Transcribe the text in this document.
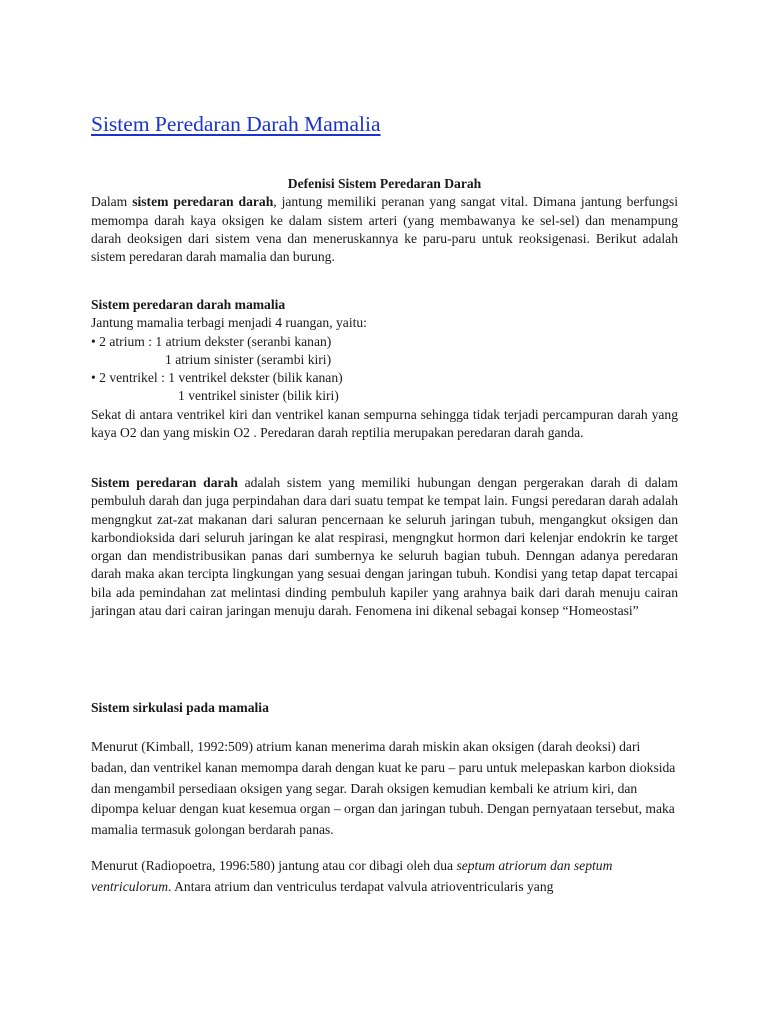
Sistem Peredaran Darah Mamalia
Defenisi Sistem Peredaran Darah

Dalam sistem peredaran darah, jantung memiliki peranan yang sangat vital. Dimana jantung berfungsi memompa darah kaya oksigen ke dalam sistem arteri (yang membawanya ke sel-sel) dan menampung darah deoksigen dari sistem vena dan meneruskannya ke paru-paru untuk reoksigenasi. Berikut adalah sistem peredaran darah mamalia dan burung.

Sistem peredaran darah mamalia
Jantung mamalia terbagi menjadi 4 ruangan, yaitu:
• 2 atrium : 1 atrium dekster (seranbi kanan)
1 atrium sinister (serambi kiri)
• 2 ventrikel : 1 ventrikel dekster (bilik kanan)
1 ventrikel sinister (bilik kiri)

Sekat di antara ventrikel kiri dan ventrikel kanan sempurna sehingga tidak terjadi percampuran darah yang kaya O2 dan yang miskin O2 . Peredaran darah reptilia merupakan peredaran darah ganda.

Sistem peredaran darah adalah sistem yang memiliki hubungan dengan pergerakan darah di dalam pembuluh darah dan juga perpindahan dara dari suatu tempat ke tempat lain. Fungsi peredaran darah adalah mengngkut zat-zat makanan dari saluran pencernaan ke seluruh jaringan tubuh, mengangkut oksigen dan karbondioksida dari seluruh jaringan ke alat respirasi, mengngkut hormon dari kelenjar endokrin ke target organ dan mendistribusikan panas dari sumbernya ke seluruh bagian tubuh. Denngan adanya peredaran darah maka akan tercipta lingkungan yang sesuai dengan jaringan tubuh. Kondisi yang tetap dapat tercapai bila ada pemindahan zat melintasi dinding pembuluh kapiler yang arahnya baik dari darah menuju cairan jaringan atau dari cairan jaringan menuju darah. Fenomena ini dikenal sebagai konsep “Homeostasi”

Sistem sirkulasi pada mamalia

Menurut (Kimball, 1992:509) atrium kanan menerima darah miskin akan oksigen (darah deoksi) dari badan, dan ventrikel kanan memompa darah dengan kuat ke paru – paru untuk melepaskan karbon dioksida dan mengambil persediaan oksigen yang segar. Darah oksigen kemudian kembali ke atrium kiri, dan dipompa keluar dengan kuat kesemua organ – organ dan jaringan tubuh. Dengan pernyataan tersebut, maka mamalia termasuk golongan berdarah panas.

Menurut (Radiopoetra, 1996:580) jantung atau cor dibagi oleh dua septum atriorum dan septum ventriculorum. Antara atrium dan ventriculus terdapat valvula atrioventricularis yang
